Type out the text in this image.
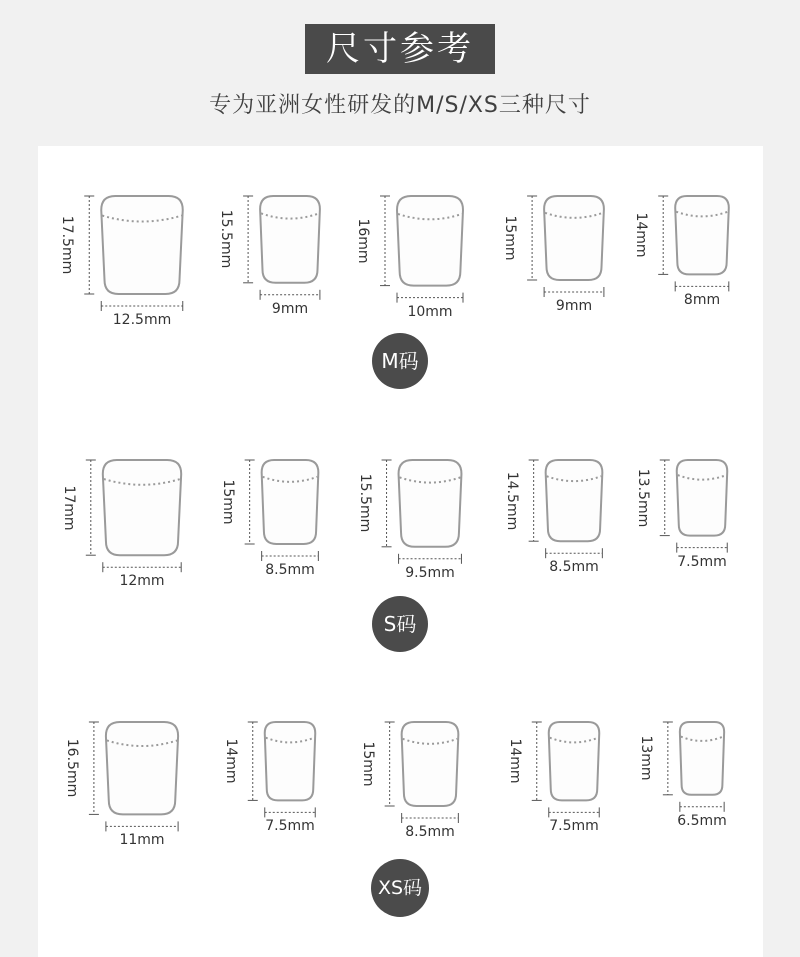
尺寸参考
专为亚洲女性研发的M/S/XS三种尺寸
12.5mm
17.5mm
9mm
15.5mm
10mm
16mm
9mm
15mm
8mm
14mm
M码
12mm
17mm
8.5mm
15mm
9.5mm
15.5mm
8.5mm
14.5mm
7.5mm
13.5mm
S码
11mm
16.5mm
7.5mm
14mm
8.5mm
15mm
7.5mm
14mm
6.5mm
13mm
XS码
